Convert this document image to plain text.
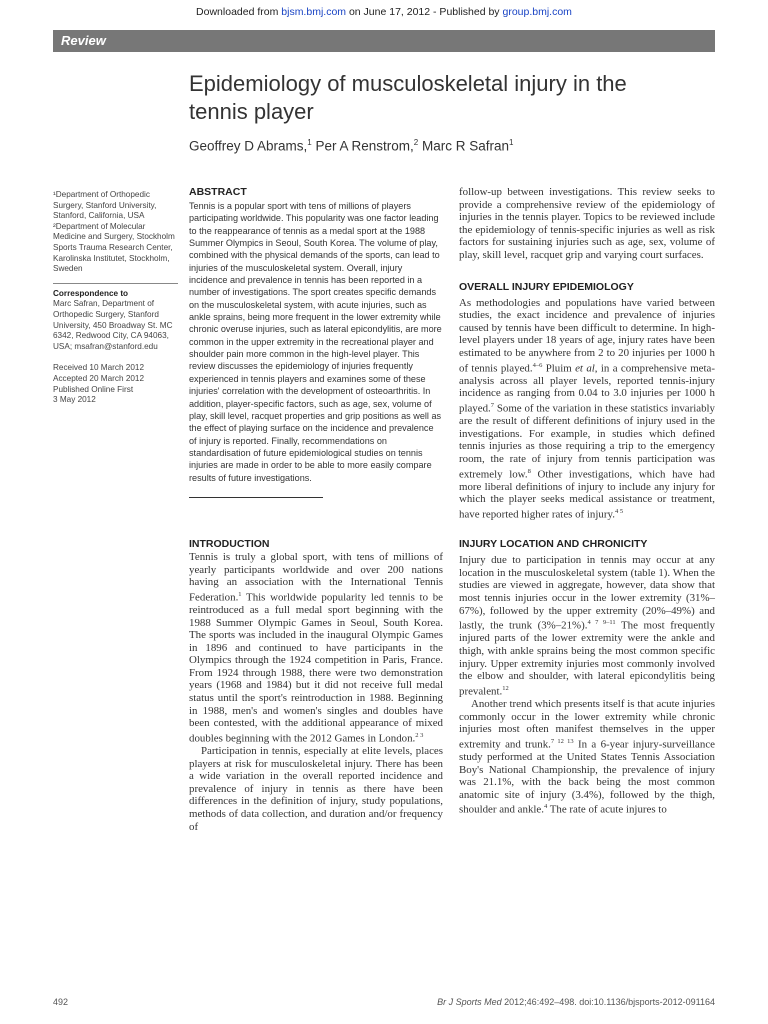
Downloaded from bjsm.bmj.com on June 17, 2012 - Published by group.bmj.com
Review
Epidemiology of musculoskeletal injury in the tennis player
Geoffrey D Abrams,$^1$ Per A Renstrom,$^2$ Marc R Safran$^1$

¹Department of Orthopedic Surgery, Stanford University, Stanford, California, USA

²Department of Molecular Medicine and Surgery, Stockholm Sports Trauma Research Center, Karolinska Institutet, Stockholm, Sweden

Correspondence to

Marc Safran, Department of Orthopedic Surgery, Stanford University, 450 Broadway St. MC 6342, Redwood City, CA 94063, USA; msafran@stanford.edu

Received 10 March 2012

Accepted 20 March 2012

Published Online First

3 May 2012

ABSTRACT

Tennis is a popular sport with tens of millions of players participating worldwide. This popularity was one factor leading to the reappearance of tennis as a medal sport at the 1988 Summer Olympics in Seoul, South Korea. The volume of play, combined with the physical demands of the sports, can lead to injuries of the musculoskeletal system. Overall, injury incidence and prevalence in tennis has been reported in a number of investigations. The sport creates specific demands on the musculoskeletal system, with acute injuries, such as ankle sprains, being more frequent in the lower extremity while chronic overuse injuries, such as lateral epicondylitis, are more common in the upper extremity in the recreational player and shoulder pain more common in the high-level player. This review discusses the epidemiology of injuries frequently experienced in tennis players and examines some of these injuries' correlation with the development of osteoarthritis. In addition, player-specific factors, such as age, sex, volume of play, skill level, racquet properties and grip positions as well as the effect of playing surface on the incidence and prevalence of injury is reported. Finally, recommendations on standardisation of future epidemiological studies on tennis injuries are made in order to be able to more easily compare results of future investigations.

INTRODUCTION

Tennis is truly a global sport, with tens of millions of yearly participants worldwide and over 200 nations having an association with the International Tennis Federation.$^1$ This worldwide popularity led tennis to be reintroduced as a full medal sport beginning with the 1988 Summer Olympic Games in Seoul, South Korea. The sports was included in the inaugural Olympic Games in 1896 and continued to have participants in the Olympics through the 1924 competition in Paris, France. From 1924 through 1988, there were two demonstration years (1968 and 1984) but it did not receive full medal status until the sport's reintroduction in 1988. Beginning in 1988, men's and women's singles and doubles have been contested, with the additional appearance of mixed doubles beginning with the 2012 Games in London.$^{2 3}$

Participation in tennis, especially at elite levels, places players at risk for musculoskeletal injury. There has been a wide variation in the overall reported incidence and prevalence of injury in tennis as there have been differences in the definition of injury, study populations, methods of data collection, and duration and/or frequency of

follow-up between investigations. This review seeks to provide a comprehensive review of the epidemiology of injuries in the tennis player. Topics to be reviewed include the epidemiology of tennis-specific injuries as well as risk factors for sustaining injuries such as age, sex, volume of play, skill level, racquet grip and varying court surfaces.

OVERALL INJURY EPIDEMIOLOGY

As methodologies and populations have varied between studies, the exact incidence and prevalence of injuries caused by tennis have been difficult to determine. In high-level players under 18 years of age, injury rates have been estimated to be anywhere from 2 to 20 injuries per 1000 h of tennis played.$^{4-6}$ Pluim et al, in a comprehensive meta-analysis across all player levels, reported tennis-injury incidence as ranging from 0.04 to 3.0 injuries per 1000 h played.$^7$ Some of the variation in these statistics invariably are the result of different definitions of injury used in the investigations. For example, in studies which defined tennis injuries as those requiring a trip to the emergency room, the rate of injury from tennis participation was extremely low.$^8$ Other investigations, which have had more liberal definitions of injury to include any injury for which the player seeks medical assistance or treatment, have reported higher rates of injury.$^{4 5}$

INJURY LOCATION AND CHRONICITY

Injury due to participation in tennis may occur at any location in the musculoskeletal system (table 1). When the studies are viewed in aggregate, however, data show that most tennis injuries occur in the lower extremity (31%–67%), followed by the upper extremity (20%–49%) and lastly, the trunk (3%–21%).$^{4 7 9-11}$ The most frequently injured parts of the lower extremity were the ankle and thigh, with ankle sprains being the most common specific injury. Upper extremity injuries most commonly involved the elbow and shoulder, with lateral epicondylitis being prevalent.$^{12}$

Another trend which presents itself is that acute injuries commonly occur in the lower extremity while chronic injuries most often manifest themselves in the upper extremity and trunk.$^{7 12 13}$ In a 6-year injury-surveillance study performed at the United States Tennis Association Boy's National Championship, the prevalence of injury was 21.1%, with the back being the most common anatomic site of injury (3.4%), followed by the thigh, shoulder and ankle.$^4$ The rate of acute injures to

492	Br J Sports Med 2012;46:492–498. doi:10.1136/bjsports-2012-091164
